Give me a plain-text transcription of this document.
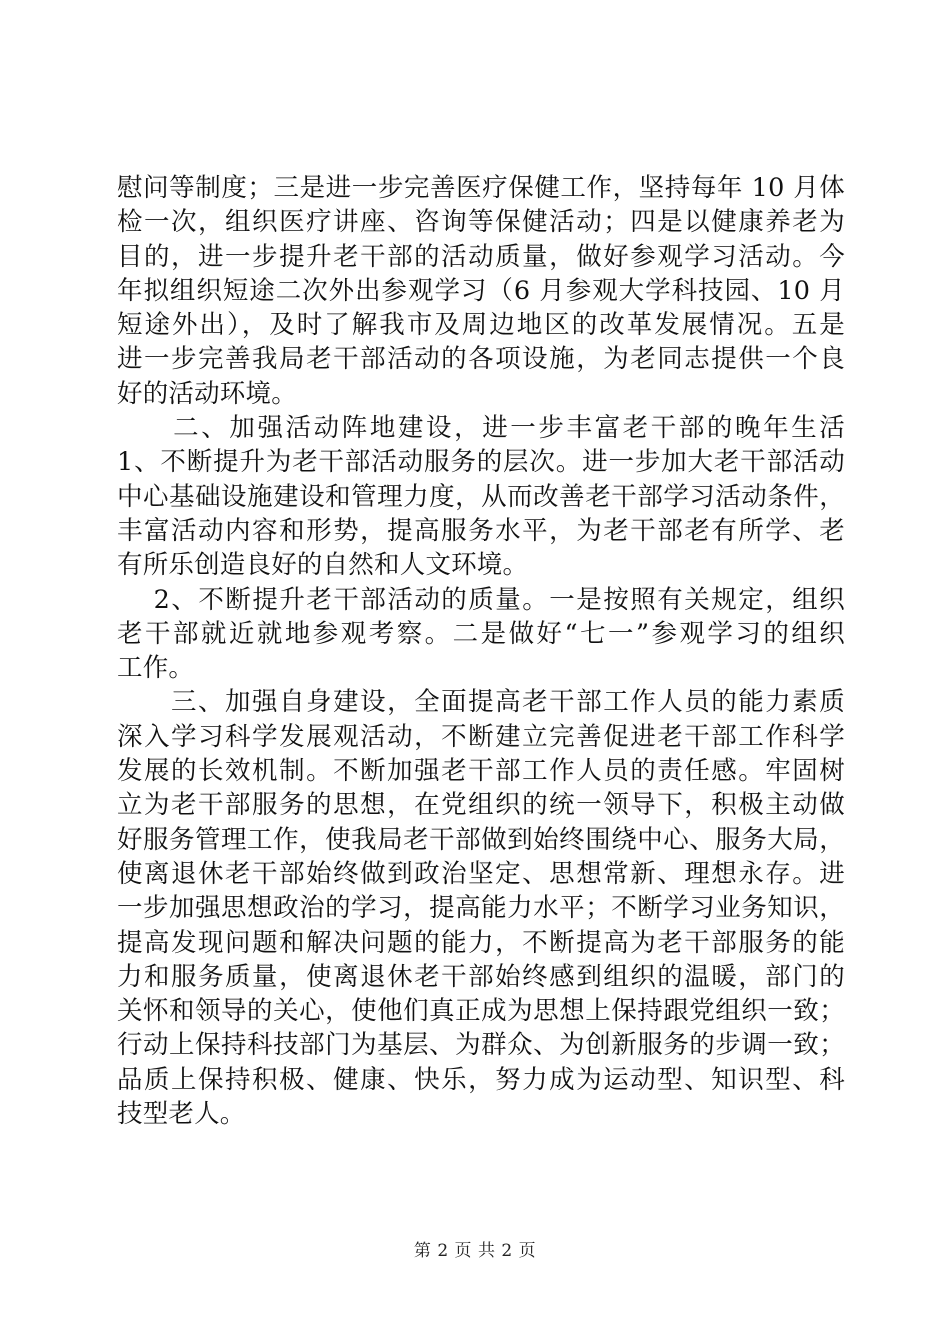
慰问等制度；三是进一步完善医疗保健工作，坚持每年 10 月体
检一次，组织医疗讲座、咨询等保健活动；四是以健康养老为
目的，进一步提升老干部的活动质量，做好参观学习活动。今
年拟组织短途二次外出参观学习（6 月参观大学科技园、10 月
短途外出），及时了解我市及周边地区的改革发展情况。五是
进一步完善我局老干部活动的各项设施，为老同志提供一个良
好的活动环境。
　　二、加强活动阵地建设，进一步丰富老干部的晚年生活
1、不断提升为老干部活动服务的层次。进一步加大老干部活动
中心基础设施建设和管理力度，从而改善老干部学习活动条件，
丰富活动内容和形势，提高服务水平，为老干部老有所学、老
有所乐创造良好的自然和人文环境。
　 2、不断提升老干部活动的质量。一是按照有关规定，组织
老干部就近就地参观考察。二是做好“七一”参观学习的组织
工作。
　　三、加强自身建设，全面提高老干部工作人员的能力素质
深入学习科学发展观活动，不断建立完善促进老干部工作科学
发展的长效机制。不断加强老干部工作人员的责任感。牢固树
立为老干部服务的思想，在党组织的统一领导下，积极主动做
好服务管理工作，使我局老干部做到始终围绕中心、服务大局，
使离退休老干部始终做到政治坚定、思想常新、理想永存。进
一步加强思想政治的学习，提高能力水平；不断学习业务知识，
提高发现问题和解决问题的能力，不断提高为老干部服务的能
力和服务质量，使离退休老干部始终感到组织的温暖，部门的
关怀和领导的关心，使他们真正成为思想上保持跟党组织一致；
行动上保持科技部门为基层、为群众、为创新服务的步调一致；
品质上保持积极、健康、快乐，努力成为运动型、知识型、科
技型老人。
第 2 页 共 2 页
